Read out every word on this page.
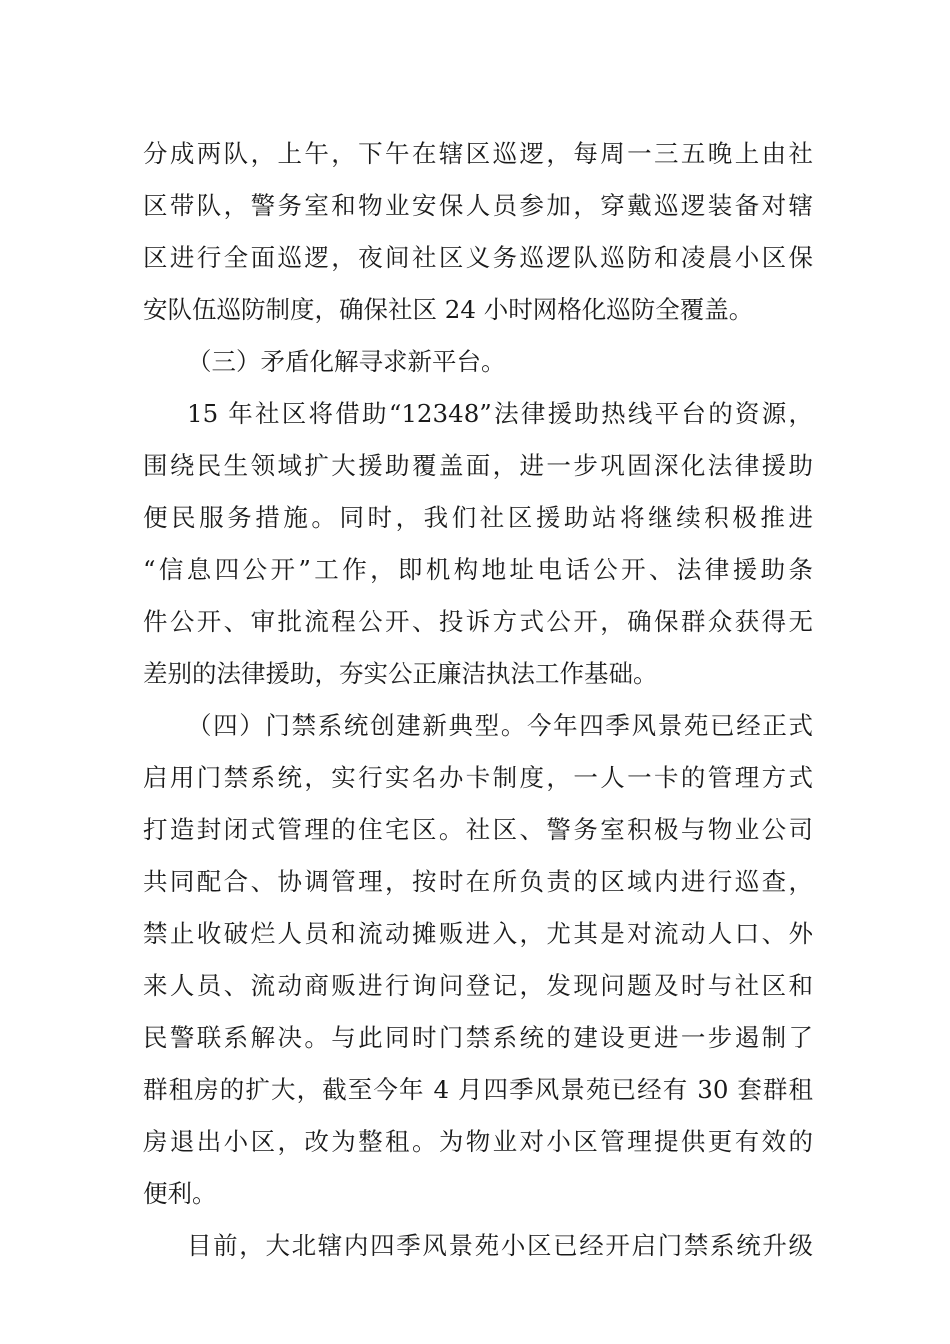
分成两队，上午，下午在辖区巡逻，每周一三五晚上由社
区带队，警务室和物业安保人员参加，穿戴巡逻装备对辖
区进行全面巡逻，夜间社区义务巡逻队巡防和凌晨小区保
安队伍巡防制度，确保社区 24 小时网格化巡防全覆盖。
（三）矛盾化解寻求新平台。
15 年社区将借助“12348”法律援助热线平台的资源，
围绕民生领域扩大援助覆盖面，进一步巩固深化法律援助
便民服务措施。同时，我们社区援助站将继续积极推进
“信息四公开”工作，即机构地址电话公开、法律援助条
件公开、审批流程公开、投诉方式公开，确保群众获得无
差别的法律援助，夯实公正廉洁执法工作基础。
（四）门禁系统创建新典型。今年四季风景苑已经正式
启用门禁系统，实行实名办卡制度，一人一卡的管理方式
打造封闭式管理的住宅区。社区、警务室积极与物业公司
共同配合、协调管理，按时在所负责的区域内进行巡查，
禁止收破烂人员和流动摊贩进入，尤其是对流动人口、外
来人员、流动商贩进行询问登记，发现问题及时与社区和
民警联系解决。与此同时门禁系统的建设更进一步遏制了
群租房的扩大，截至今年 4 月四季风景苑已经有 30 套群租
房退出小区，改为整租。为物业对小区管理提供更有效的
便利。
目前，大北辖内四季风景苑小区已经开启门禁系统升级
